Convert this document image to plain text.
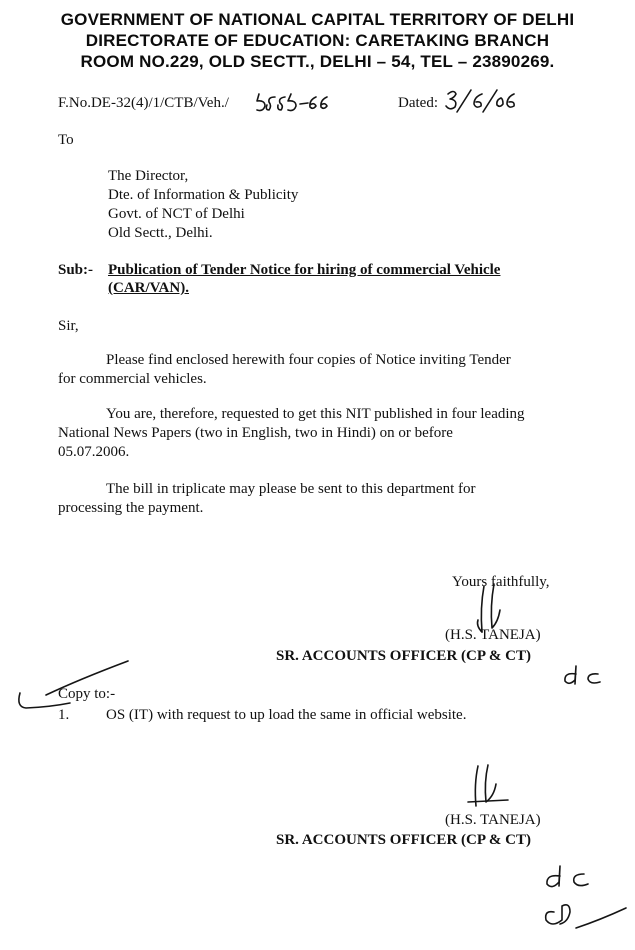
GOVERNMENT OF NATIONAL CAPITAL TERRITORY OF DELHI
DIRECTORATE OF EDUCATION: CARETAKING BRANCH
ROOM NO.229, OLD SECTT., DELHI – 54, TEL – 23890269.
F.No.DE-32(4)/1/CTB/Veh./	Dated:
To
The Director,
Dte. of Information & Publicity
Govt. of NCT of Delhi
Old Sectt., Delhi.
Sub:- Publication of Tender Notice for hiring of commercial Vehicle
(CAR/VAN).
Sir,
Please find enclosed herewith four copies of Notice inviting Tender
for commercial vehicles.
You are, therefore, requested to get this NIT published in four leading
National News Papers (two in English, two in Hindi) on or before
05.07.2006.
The bill in triplicate may please be sent to this department for
processing the payment.
Yours faithfully,
(H.S. TANEJA)
SR. ACCOUNTS OFFICER (CP & CT)
Copy to:-
1. OS (IT) with request to up load the same in official website.
(H.S. TANEJA)
SR. ACCOUNTS OFFICER (CP & CT)
